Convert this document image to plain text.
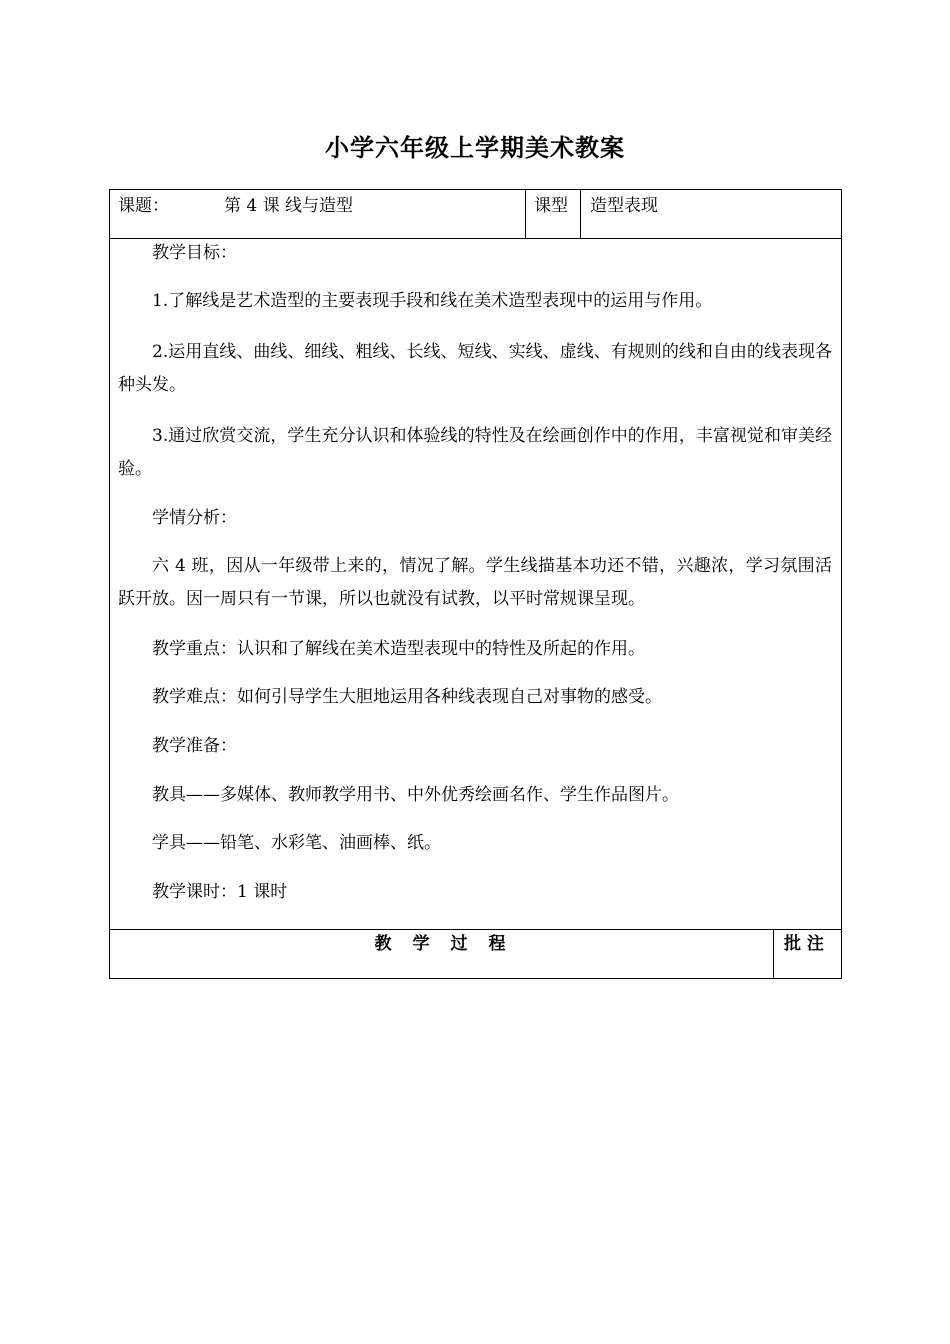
小学六年级上学期美术教案
课题：	第 4 课 线与造型	课型 造型表现
教学目标：
1.了解线是艺术造型的主要表现手段和线在美术造型表现中的运用与作用。
2.运用直线、曲线、细线、粗线、长线、短线、实线、虚线、有规则的线和自由的线表现各种头发。
3.通过欣赏交流，学生充分认识和体验线的特性及在绘画创作中的作用，丰富视觉和审美经验。
学情分析：
六 4 班，因从一年级带上来的，情况了解。学生线描基本功还不错，兴趣浓，学习氛围活跃开放。因一周只有一节课，所以也就没有试教，以平时常规课呈现。
教学重点：认识和了解线在美术造型表现中的特性及所起的作用。
教学难点：如何引导学生大胆地运用各种线表现自己对事物的感受。
教学准备：
教具——多媒体、教师教学用书、中外优秀绘画名作、学生作品图片。
学具——铅笔、水彩笔、油画棒、纸。
教学课时：1 课时
教　学　过　程	批 注
